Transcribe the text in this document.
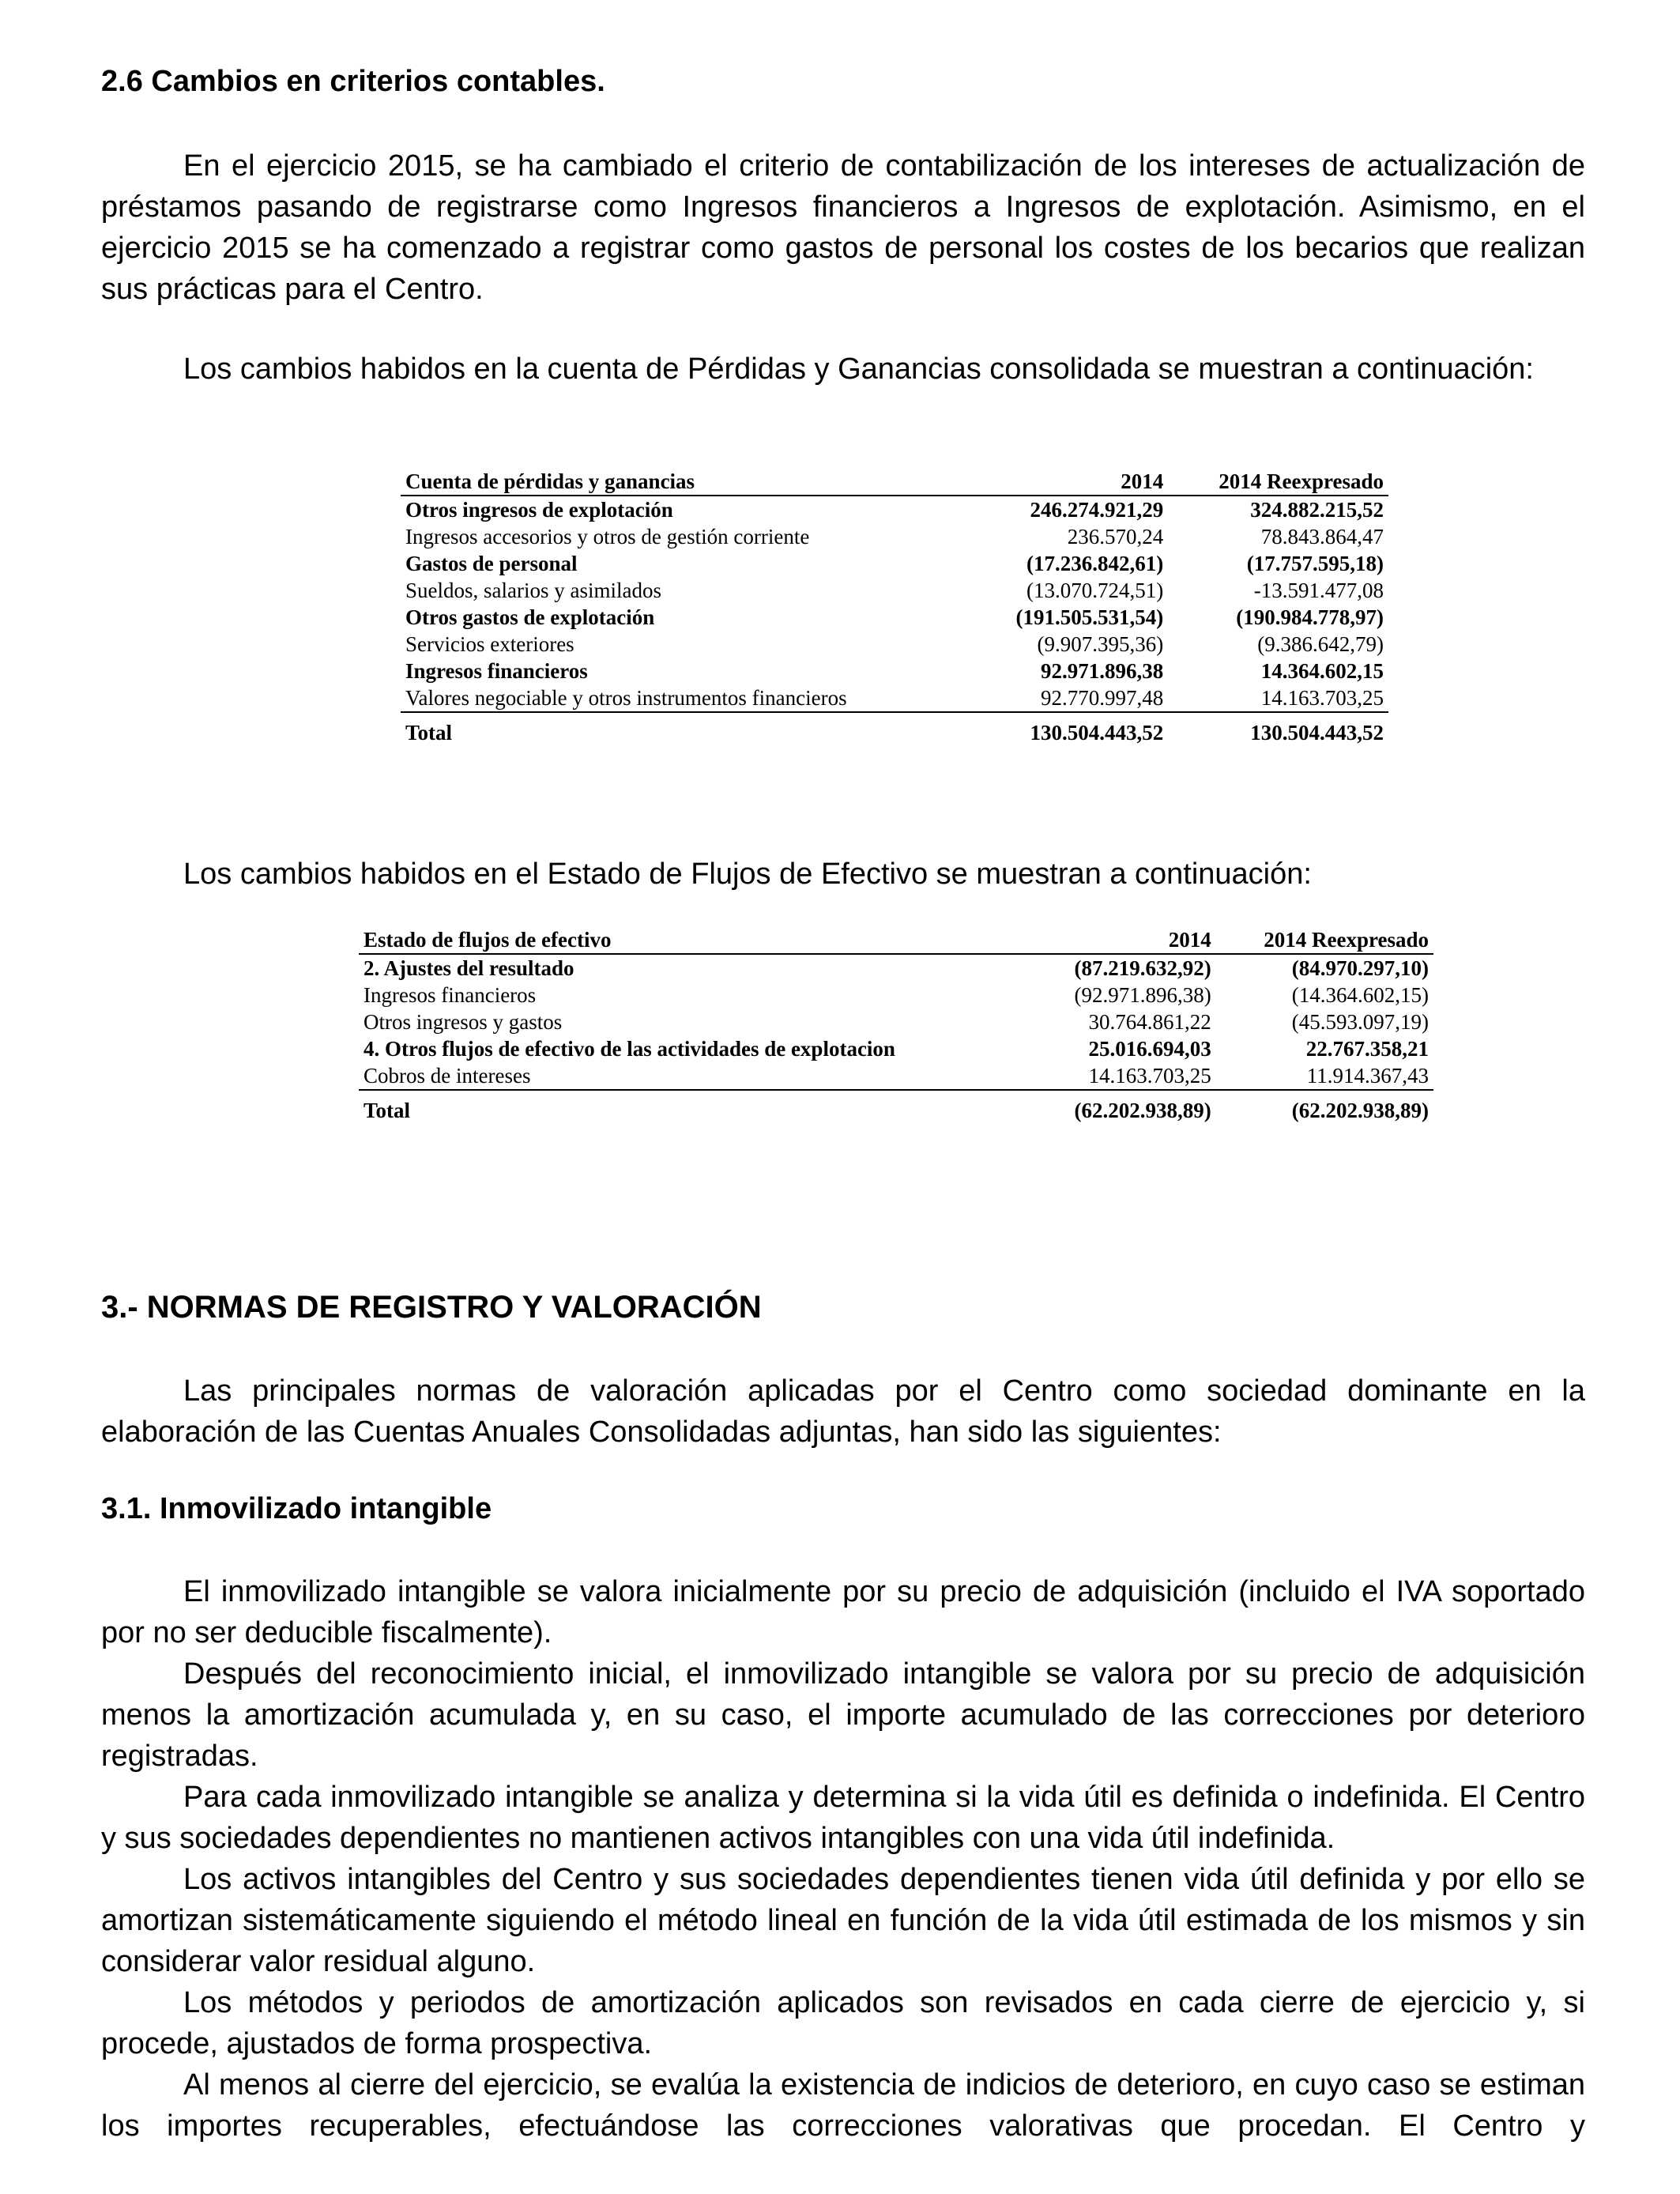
2.6 Cambios en criterios contables.

En el ejercicio 2015, se ha cambiado el criterio de contabilización de los intereses de actualización de préstamos pasando de registrarse como Ingresos financieros a Ingresos de explotación. Asimismo, en el ejercicio 2015 se ha comenzado a registrar como gastos de personal los costes de los becarios que realizan sus prácticas para el Centro.

Los cambios habidos en la cuenta de Pérdidas y Ganancias consolidada se muestran a continuación:

Cuenta de pérdidas y ganancias	2014	2014 Reexpresado
Otros ingresos de explotación	246.274.921,29	324.882.215,52
Ingresos accesorios y otros de gestión corriente	236.570,24	78.843.864,47
Gastos de personal	(17.236.842,61)	(17.757.595,18)
Sueldos, salarios y asimilados	(13.070.724,51)	-13.591.477,08
Otros gastos de explotación	(191.505.531,54)	(190.984.778,97)
Servicios exteriores	(9.907.395,36)	(9.386.642,79)
Ingresos financieros	92.971.896,38	14.364.602,15
Valores negociable y otros instrumentos financieros	92.770.997,48	14.163.703,25

Total	130.504.443,52	130.504.443,52

Los cambios habidos en el Estado de Flujos de Efectivo se muestran a continuación:

Estado de flujos de efectivo	2014	2014 Reexpresado
2. Ajustes del resultado	(87.219.632,92)	(84.970.297,10)
Ingresos financieros	(92.971.896,38)	(14.364.602,15)
Otros ingresos y gastos	30.764.861,22	(45.593.097,19)
4. Otros flujos de efectivo de las actividades de explotacion	25.016.694,03	22.767.358,21
Cobros de intereses	14.163.703,25	11.914.367,43

Total	(62.202.938,89)	(62.202.938,89)
3.- NORMAS DE REGISTRO Y VALORACIÓN

Las principales normas de valoración aplicadas por el Centro como sociedad dominante en la elaboración de las Cuentas Anuales Consolidadas adjuntas, han sido las siguientes:

3.1. Inmovilizado intangible

El inmovilizado intangible se valora inicialmente por su precio de adquisición (incluido el IVA soportado por no ser deducible fiscalmente).

Después del reconocimiento inicial, el inmovilizado intangible se valora por su precio de adquisición menos la amortización acumulada y, en su caso, el importe acumulado de las correcciones por deterioro registradas.

Para cada inmovilizado intangible se analiza y determina si la vida útil es definida o indefinida. El Centro y sus sociedades dependientes no mantienen activos intangibles con una vida útil indefinida.

Los activos intangibles del Centro y sus sociedades dependientes tienen vida útil definida y por ello se amortizan sistemáticamente siguiendo el método lineal en función de la vida útil estimada de los mismos y sin considerar valor residual alguno.

Los métodos y periodos de amortización aplicados son revisados en cada cierre de ejercicio y, si procede, ajustados de forma prospectiva.

Al menos al cierre del ejercicio, se evalúa la existencia de indicios de deterioro, en cuyo caso se estiman los importes recuperables, efectuándose las correcciones valorativas que procedan. El Centro y
